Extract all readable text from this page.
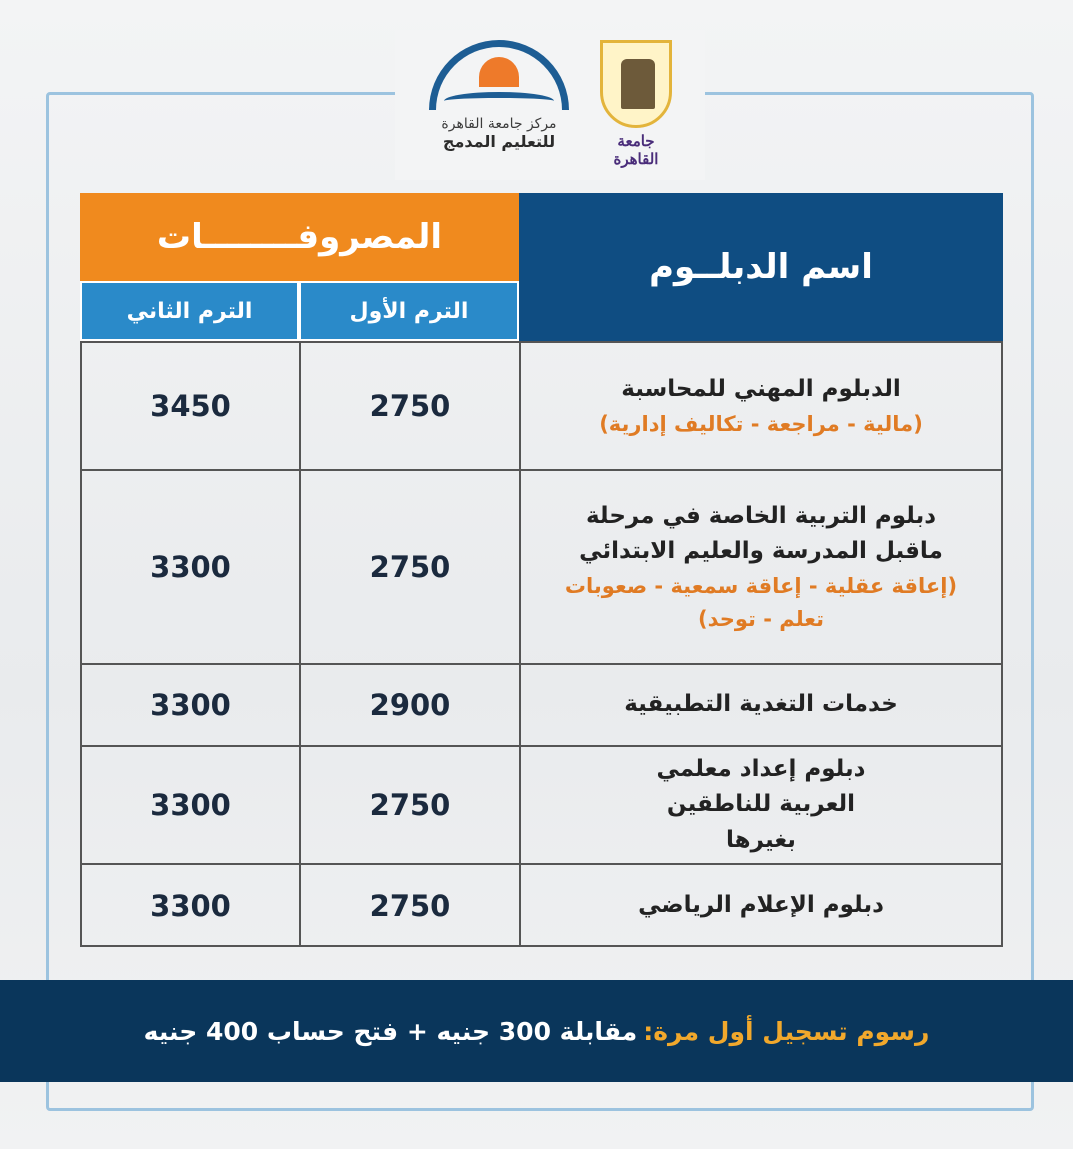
مركز جامعة القاهرة
للتعليم المدمج	جامعة القاهرة
اسم الدبلــوم
المصروفــــــــات
الترم الأول
الترم الثاني
الدبلوم المهني للمحاسبة
(مالية - مراجعة - تكاليف إدارية)
2750
3450
دبلوم التربية الخاصة في مرحلة ماقبل المدرسة والعليم الابتدائي
(إعاقة عقلية - إعاقة سمعية - صعوبات تعلم - توحد)
2750
3300
خدمات التغدية التطبيقية
2900
3300
دبلوم إعداد معلمي العربية للناطقين بغيرها
2750
3300
دبلوم الإعلام الرياضي
2750
3300
رسوم تسجيل أول مرة:
مقابلة 300 جنيه + فتح حساب 400 جنيه
